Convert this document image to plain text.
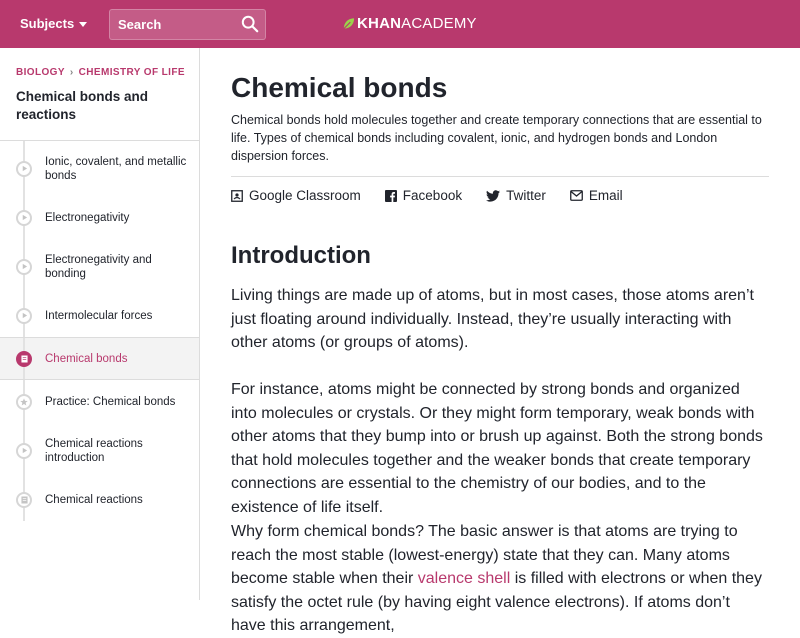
Subjects
Search	KHAN ACADEMY
BIOLOGY › CHEMISTRY OF LIFE
Chemical bonds and reactions
Ionic, covalent, and metallic bonds
Electronegativity
Electronegativity and bonding
Intermolecular forces
Chemical bonds
Practice: Chemical bonds
Chemical reactions introduction
Chemical reactions
Chemical bonds

Chemical bonds hold molecules together and create temporary connections that are essential to life. Types of chemical bonds including covalent, ionic, and hydrogen bonds and London dispersion forces.

Google Classroom	Facebook	Twitter	Email
Introduction

Living things are made up of atoms, but in most cases, those atoms aren’t just floating around individually. Instead, they’re usually interacting with other atoms (or groups of atoms).

For instance, atoms might be connected by strong bonds and organized into molecules or crystals. Or they might form temporary, weak bonds with other atoms that they bump into or brush up against. Both the strong bonds that hold molecules together and the weaker bonds that create temporary connections are essential to the chemistry of our bodies, and to the existence of life itself.

Why form chemical bonds? The basic answer is that atoms are trying to reach the most stable (lowest-energy) state that they can. Many atoms become stable when their valence shell is filled with electrons or when they satisfy the octet rule (by having eight valence electrons). If atoms don’t have this arrangement,
